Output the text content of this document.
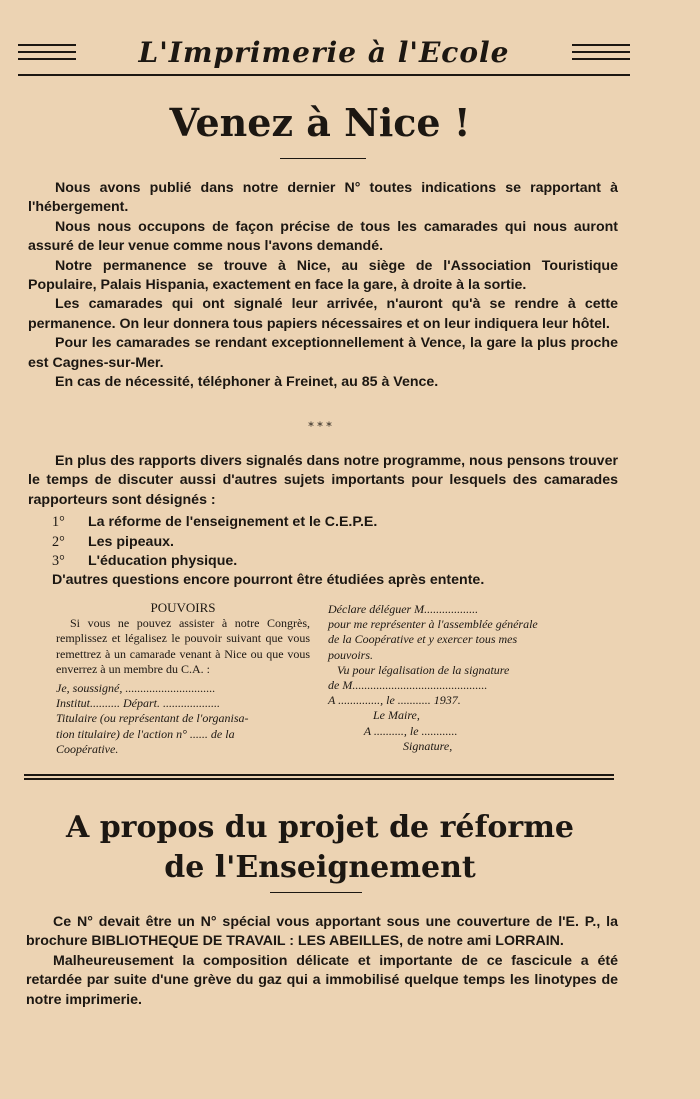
L'Imprimerie à l'Ecole
Venez à Nice !

Nous avons publié dans notre dernier N° toutes indications se rapportant à l'hébergement.

Nous nous occupons de façon précise de tous les camarades qui nous auront assuré de leur venue comme nous l'avons demandé.

Notre permanence se trouve à Nice, au siège de l'Association Touristique Populaire, Palais Hispania, exactement en face la gare, à droite à la sortie.

Les camarades qui ont signalé leur arrivée, n'auront qu'à se rendre à cette permanence. On leur donnera tous papiers nécessaires et on leur indiquera leur hôtel.

Pour les camarades se rendant exceptionnellement à Vence, la gare la plus proche est Cagnes-sur-Mer.

En cas de nécessité, téléphoner à Freinet, au 85 à Vence.

* * *

En plus des rapports divers signalés dans notre programme, nous pensons trouver le temps de discuter aussi d'autres sujets importants pour lesquels des camarades rapporteurs sont désignés :

1°	La réforme de l'enseignement et le C.E.P.E.
2°	Les pipeaux.
3°	L'éducation physique.
D'autres questions encore pourront être étudiées après entente.
POUVOIRS

Si vous ne pouvez assister à notre Congrès, remplissez et légalisez le pouvoir suivant que vous remettrez à un camarade venant à Nice ou que vous enverrez à un membre du C.A. :

Je, soussigné, ..............................
Institut.......... Départ. ...................
Titulaire (ou représentant de l'organisa-
tion titulaire) de l'action n° ...... de la
Coopérative.
Déclare déléguer M..................
pour me représenter à l'assemblée générale
de la Coopérative et y exercer tous mes
pouvoirs.
Vu pour légalisation de la signature
de M.............................................
A .............., le ........... 1937.
Le Maire,
A .........., le ............
Signature,
A propos du projet de réforme
de l'Enseignement

Ce N° devait être un N° spécial vous apportant sous une couverture de l'E. P., la brochure BIBLIOTHEQUE DE TRAVAIL : LES ABEILLES, de notre ami LORRAIN.

Malheureusement la composition délicate et importante de ce fascicule a été retardée par suite d'une grève du gaz qui a immobilisé quelque temps les linotypes de notre imprimerie.
